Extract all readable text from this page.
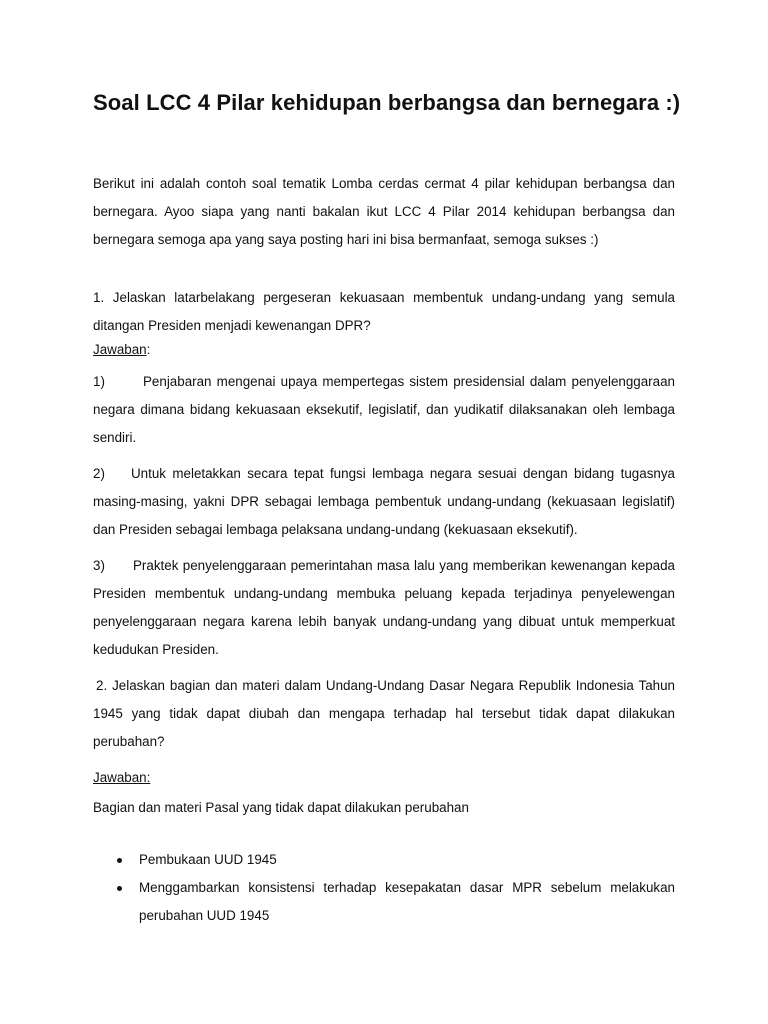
Soal LCC 4 Pilar kehidupan berbangsa dan bernegara :)

Berikut ini adalah contoh soal tematik Lomba cerdas cermat 4 pilar kehidupan berbangsa dan bernegara. Ayoo siapa yang nanti bakalan ikut LCC 4 Pilar 2014 kehidupan berbangsa dan bernegara semoga apa yang saya posting hari ini bisa bermanfaat, semoga sukses :)

1. Jelaskan latarbelakang pergeseran kekuasaan membentuk undang-undang yang semula ditangan Presiden menjadi kewenangan DPR?

Jawaban:

1)	Penjabaran mengenai upaya mempertegas sistem presidensial dalam penyelenggaraan negara dimana bidang kekuasaan eksekutif, legislatif, dan yudikatif dilaksanakan oleh lembaga sendiri.

2) Untuk meletakkan secara tepat fungsi lembaga negara sesuai dengan bidang tugasnya masing-masing, yakni DPR sebagai lembaga pembentuk undang-undang (kekuasaan legislatif) dan Presiden sebagai lembaga pelaksana undang-undang (kekuasaan eksekutif).

3) Praktek penyelenggaraan pemerintahan masa lalu yang memberikan kewenangan kepada Presiden membentuk undang-undang membuka peluang kepada terjadinya penyelewengan penyelenggaraan negara karena lebih banyak undang-undang yang dibuat untuk memperkuat kedudukan Presiden.

2. Jelaskan bagian dan materi dalam Undang-Undang Dasar Negara Republik Indonesia Tahun 1945 yang tidak dapat diubah dan mengapa terhadap hal tersebut tidak dapat dilakukan perubahan?

Jawaban:

Bagian dan materi Pasal yang tidak dapat dilakukan perubahan

Pembukaan UUD 1945
Menggambarkan konsistensi terhadap kesepakatan dasar MPR sebelum melakukan perubahan UUD 1945
